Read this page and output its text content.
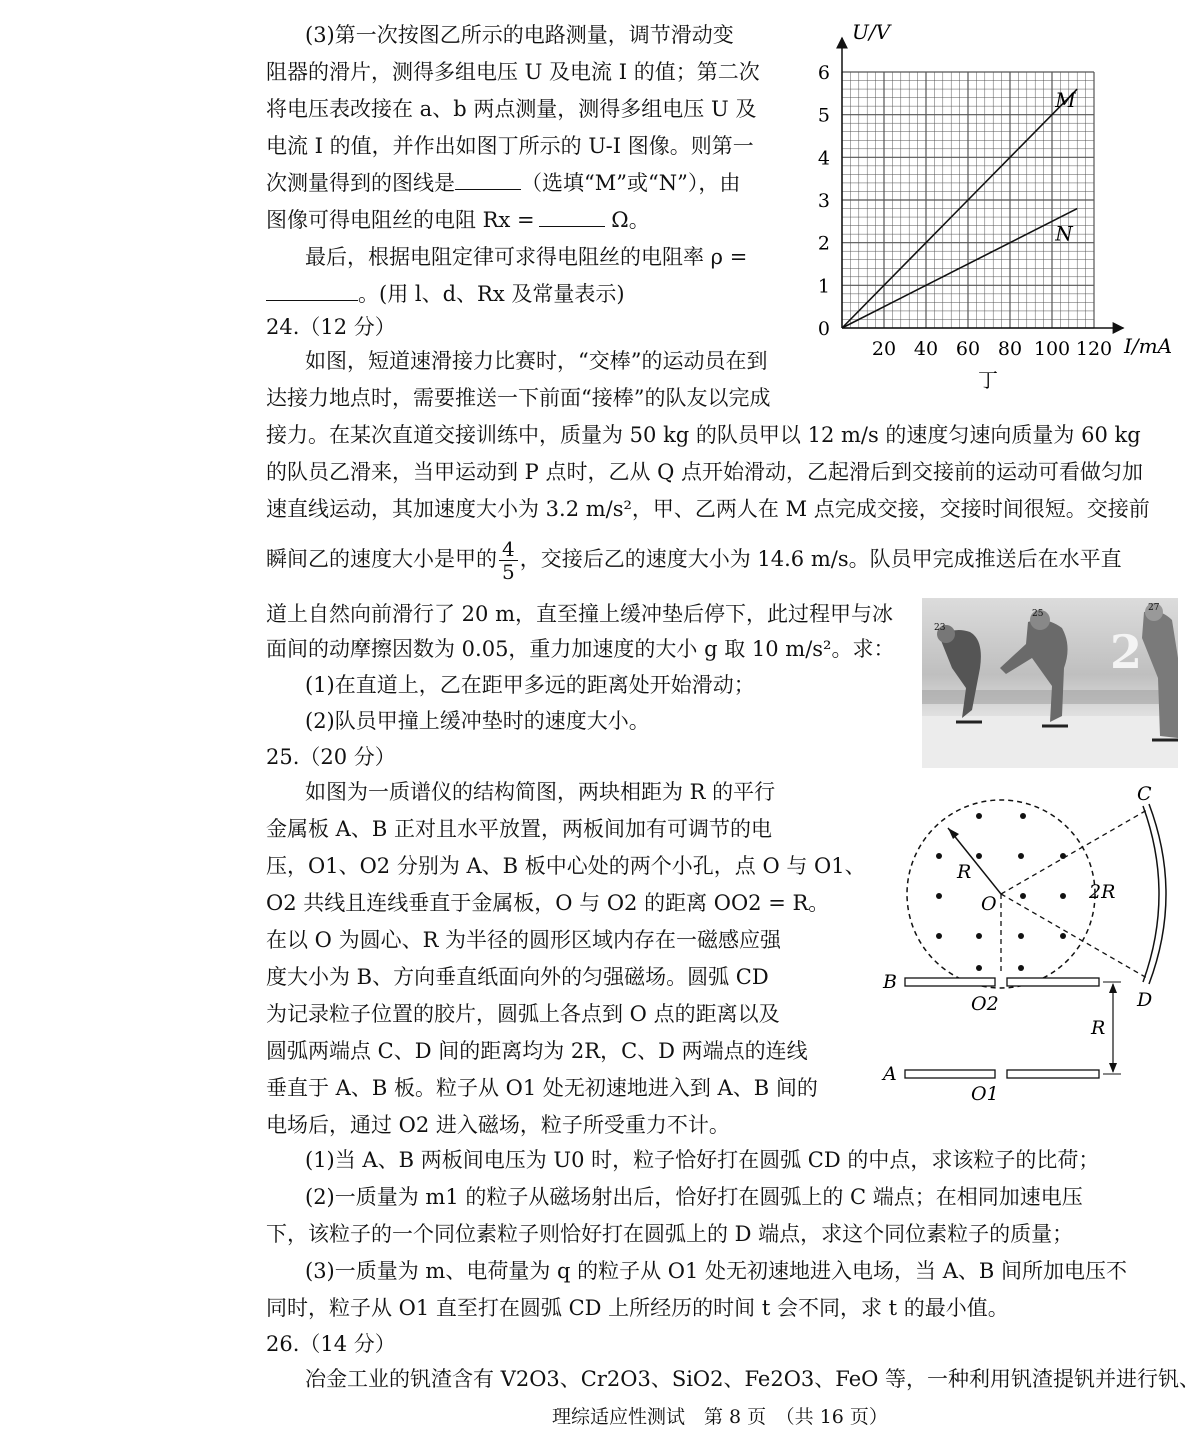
(3)第一次按图乙所示的电路测量，调节滑动变
阻器的滑片，测得多组电压 U 及电流 I 的值；第二次
将电压表改接在 a、b 两点测量，测得多组电压 U 及
电流 I 的值，并作出如图丁所示的 U-I 图像。则第一
次测量得到的图线是	（选填“M”或“N”），由
图像可得电阻丝的电阻 Rx =	Ω。
最后，根据电阻定律可求得电阻丝的电阻率 ρ =
。(用 l、d、Rx 及常量表示)
20 40 60 80 100 120
0
1
2
3
4
5
6
M
N
U/V
I/mA
丁
24.（12 分）
如图，短道速滑接力比赛时，“交棒”的运动员在到
达接力地点时，需要推送一下前面“接棒”的队友以完成
接力。在某次直道交接训练中，质量为 50 kg 的队员甲以 12 m/s 的速度匀速向质量为 60 kg
的队员乙滑来，当甲运动到 P 点时，乙从 Q 点开始滑动，乙起滑后到交接前的运动可看做匀加
速直线运动，其加速度大小为 3.2 m/s²，甲、乙两人在 M 点完成交接，交接时间很短。交接前
瞬间乙的速度大小是甲的 $\frac{4}{5}$ ，交接后乙的速度大小为 14.6 m/s。队员甲完成推送后在水平直
道上自然向前滑行了 20 m，直至撞上缓冲垫后停下，此过程甲与冰
面间的动摩擦因数为 0.05，重力加速度的大小 g 取 10 m/s²。求：
(1)在直道上，乙在距甲多远的距离处开始滑动；
(2)队员甲撞上缓冲垫时的速度大小。
2
23
25
27
25.（20 分）
如图为一质谱仪的结构简图，两块相距为 R 的平行
金属板 A、B 正对且水平放置，两板间加有可调节的电
压，O1、O2 分别为 A、B 板中心处的两个小孔，点 O 与 O1、
O2 共线且连线垂直于金属板，O 与 O2 的距离 OO2 = R。
在以 O 为圆心、R 为半径的圆形区域内存在一磁感应强
度大小为 B、方向垂直纸面向外的匀强磁场。圆弧 CD
为记录粒子位置的胶片，圆弧上各点到 O 点的距离以及
圆弧两端点 C、D 间的距离均为 2R，C、D 两端点的连线
垂直于 A、B 板。粒子从 O1 处无初速地进入到 A、B 间的
电场后，通过 O2 进入磁场，粒子所受重力不计。
(1)当 A、B 两板间电压为 U0 时，粒子恰好打在圆弧 CD 的中点，求该粒子的比荷；
(2)一质量为 m1 的粒子从磁场射出后，恰好打在圆弧上的 C 端点；在相同加速电压
下，该粒子的一个同位素粒子则恰好打在圆弧上的 D 端点，求这个同位素粒子的质量；
(3)一质量为 m、电荷量为 q 的粒子从 O1 处无初速地进入电场，当 A、B 间所加电压不
同时，粒子从 O1 直至打在圆弧 CD 上所经历的时间 t 会不同，求 t 的最小值。
R
O
C
D
2R
B
O2
A
O1
R
26.（14 分）
冶金工业的钒渣含有 V2O3、Cr2O3、SiO2、Fe2O3、FeO 等，一种利用钒渣提钒并进行钒、
理综适应性测试　第 8 页　（共 16 页）
